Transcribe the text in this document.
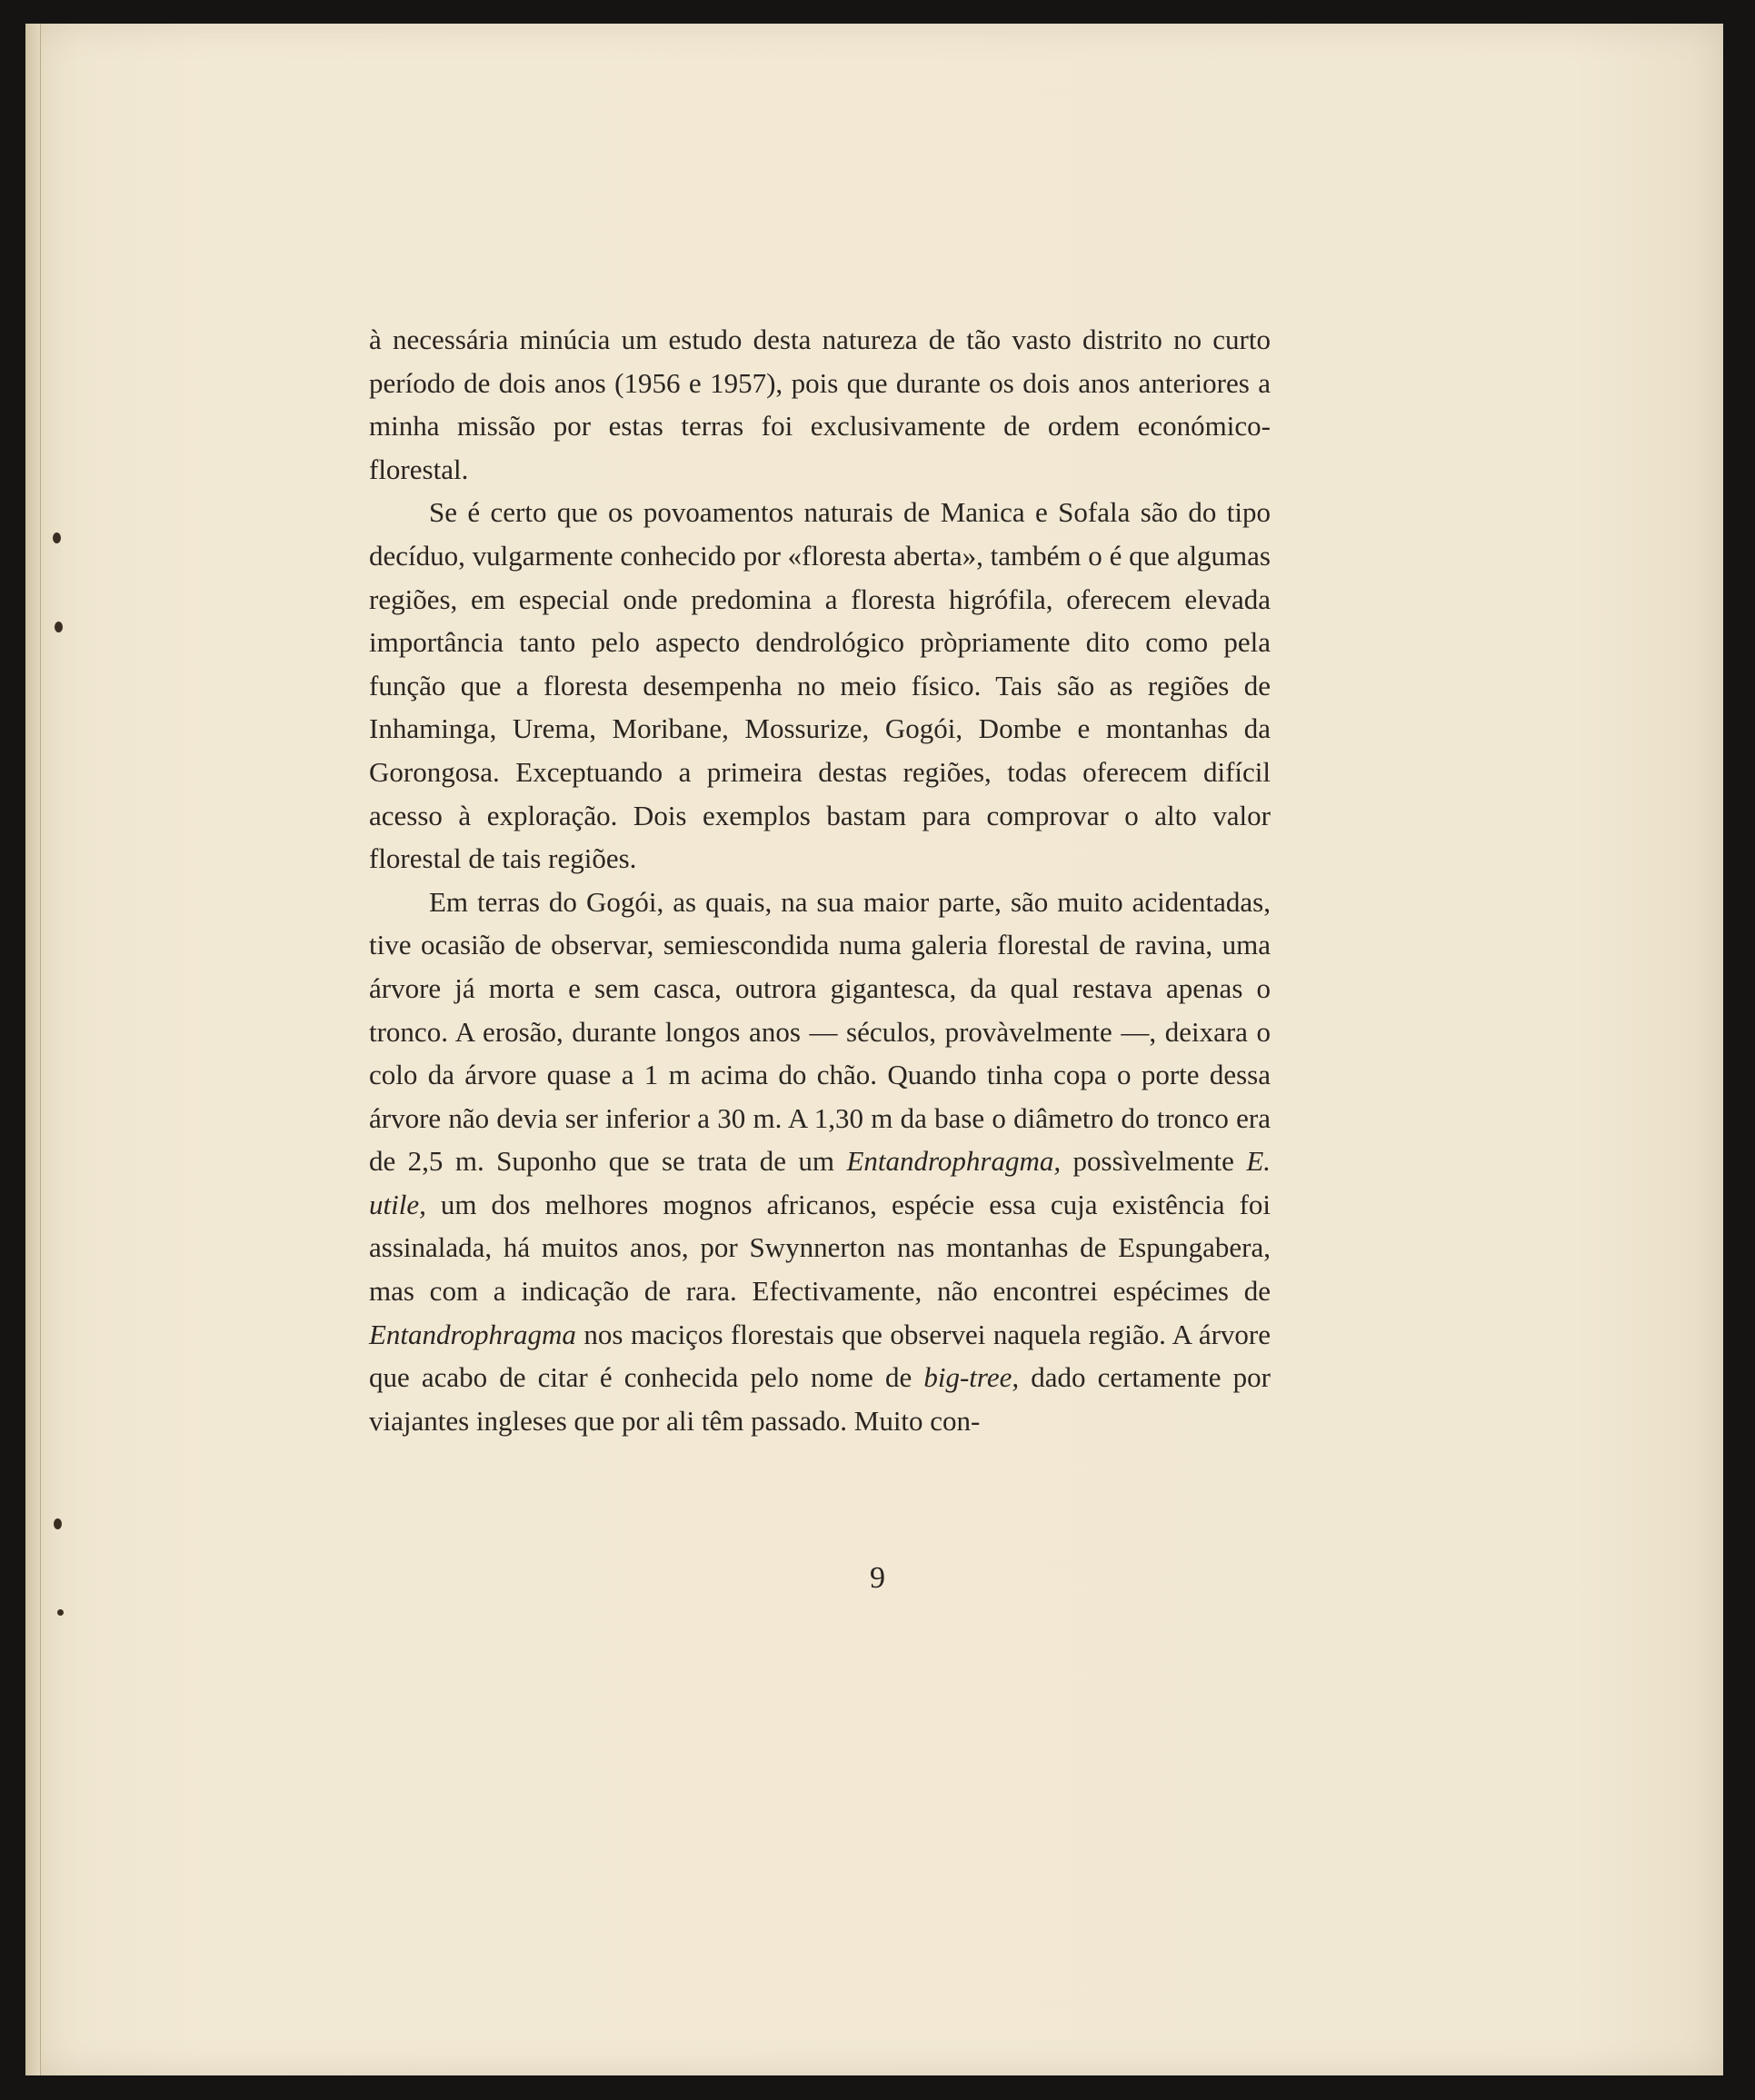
à necessária minúcia um estudo desta natureza de tão vasto distrito no curto período de dois anos (1956 e 1957), pois que durante os dois anos anteriores a minha missão por estas terras foi exclusivamente de ordem económico-florestal.

Se é certo que os povoamentos naturais de Manica e Sofala são do tipo decíduo, vulgarmente conhecido por «floresta aberta», também o é que algumas regiões, em especial onde predomina a floresta higrófila, oferecem elevada importância tanto pelo aspecto dendrológico pròpriamente dito como pela função que a floresta desempenha no meio físico. Tais são as regiões de Inhaminga, Urema, Moribane, Mossurize, Gogói, Dombe e montanhas da Gorongosa. Exceptuando a primeira destas regiões, todas oferecem difícil acesso à exploração. Dois exemplos bastam para comprovar o alto valor florestal de tais regiões.

Em terras do Gogói, as quais, na sua maior parte, são muito acidentadas, tive ocasião de observar, semiescondida numa galeria florestal de ravina, uma árvore já morta e sem casca, outrora gigantesca, da qual restava apenas o tronco. A erosão, durante longos anos — séculos, provàvelmente —, deixara o colo da árvore quase a 1 m acima do chão. Quando tinha copa o porte dessa árvore não devia ser inferior a 30 m. A 1,30 m da base o diâmetro do tronco era de 2,5 m. Suponho que se trata de um Entandrophragma, possìvelmente E. utile, um dos melhores mognos africanos, espécie essa cuja existência foi assinalada, há muitos anos, por Swynnerton nas montanhas de Espungabera, mas com a indicação de rara. Efectivamente, não encontrei espécimes de Entandrophragma nos maciços florestais que observei naquela região. A árvore que acabo de citar é conhecida pelo nome de big-tree, dado certamente por viajantes ingleses que por ali têm passado. Muito con-

9
